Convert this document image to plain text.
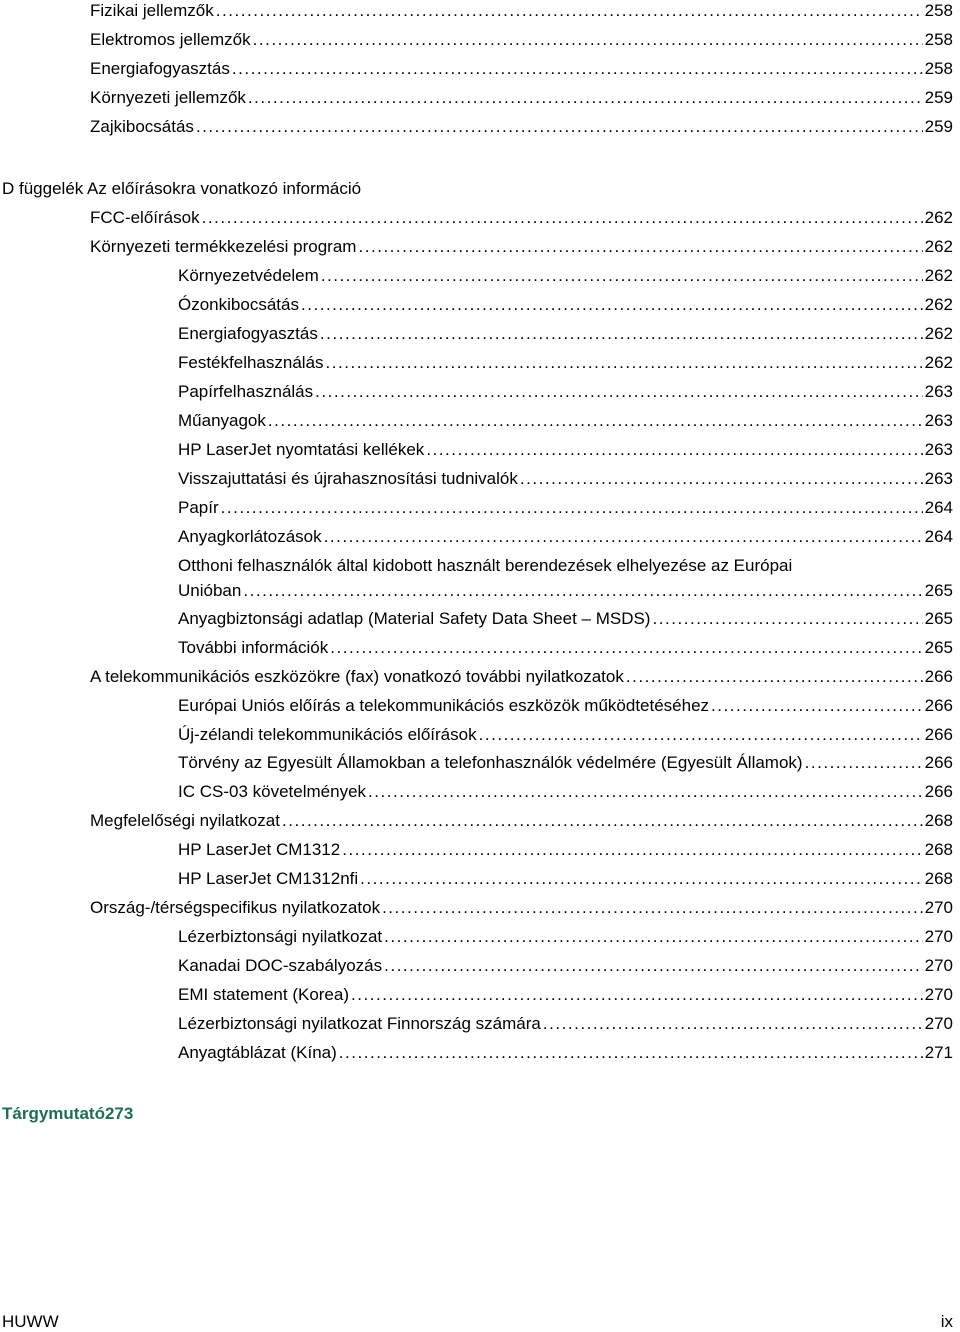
Fizikai jellemzők . . .	258
Elektromos jellemzők . . .	258
Energiafogyasztás . . .	258
Környezeti jellemzők . . .	259
Zajkibocsátás . . .	259
D függelék Az előírásokra vonatkozó információ
FCC-előírások . . .	262
Környezeti termékkezelési program . . .	262
Környezetvédelem . . .	262
Ózonkibocsátás . . .	262
Energiafogyasztás . . .	262
Festékfelhasználás . . .	262
Papírfelhasználás . . .	263
Műanyagok . . .	263
HP LaserJet nyomtatási kellékek . . .	263
Visszajuttatási és újrahasznosítási tudnivalók . . .	263
Papír . . .	264
Anyagkorlátozások . . .	264
Otthoni felhasználók által kidobott használt berendezések elhelyezése az Európai
Unióban . . .	265
Anyagbiztonsági adatlap (Material Safety Data Sheet – MSDS) . . .	265
További információk . . .	265
A telekommunikációs eszközökre (fax) vonatkozó további nyilatkozatok . . .	266
Európai Uniós előírás a telekommunikációs eszközök működtetéséhez . . .	266
Új-zélandi telekommunikációs előírások . . .	266
Törvény az Egyesült Államokban a telefonhasználók védelmére (Egyesült Államok) . . .	266
IC CS-03 követelmények . . .	266
Megfelelőségi nyilatkozat . . .	268
HP LaserJet CM1312 . . .	268
HP LaserJet CM1312nfi . . .	268
Ország-/térségspecifikus nyilatkozatok . . .	270
Lézerbiztonsági nyilatkozat . . .	270
Kanadai DOC-szabályozás . . .	270
EMI statement (Korea) . . .	270
Lézerbiztonsági nyilatkozat Finnország számára . . .	270
Anyagtáblázat (Kína) . . .	271
Tárgymutató 273
HUWW	ix
